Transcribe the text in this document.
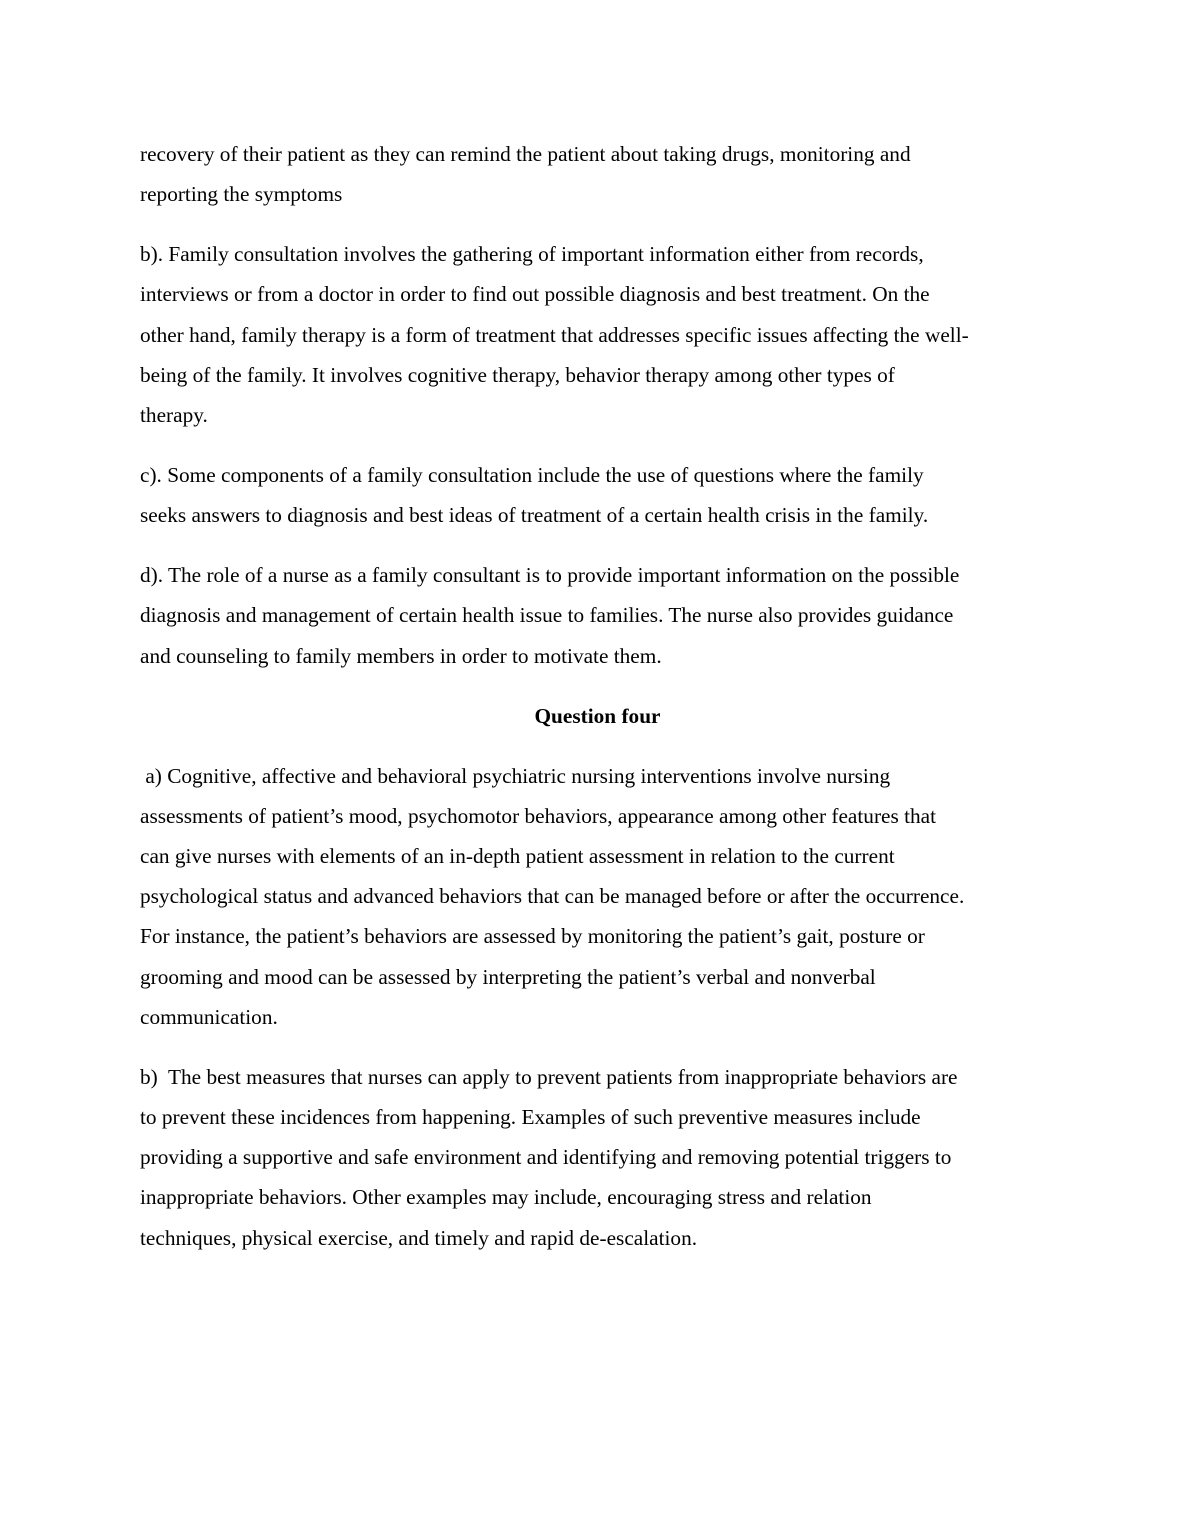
recovery of their patient as they can remind the patient about taking drugs, monitoring and
reporting the symptoms

b). Family consultation involves the gathering of important information either from records,
interviews or from a doctor in order to find out possible diagnosis and best treatment. On the
other hand, family therapy is a form of treatment that addresses specific issues affecting the well-
being of the family. It involves cognitive therapy, behavior therapy among other types of
therapy.

c). Some components of a family consultation include the use of questions where the family
seeks answers to diagnosis and best ideas of treatment of a certain health crisis in the family.

d). The role of a nurse as a family consultant is to provide important information on the possible
diagnosis and management of certain health issue to families. The nurse also provides guidance
and counseling to family members in order to motivate them.

Question four

a) Cognitive, affective and behavioral psychiatric nursing interventions involve nursing
assessments of patient’s mood, psychomotor behaviors, appearance among other features that
can give nurses with elements of an in-depth patient assessment in relation to the current
psychological status and advanced behaviors that can be managed before or after the occurrence.
For instance, the patient’s behaviors are assessed by monitoring the patient’s gait, posture or
grooming and mood can be assessed by interpreting the patient’s verbal and nonverbal
communication.

b)  The best measures that nurses can apply to prevent patients from inappropriate behaviors are
to prevent these incidences from happening. Examples of such preventive measures include
providing a supportive and safe environment and identifying and removing potential triggers to
inappropriate behaviors. Other examples may include, encouraging stress and relation
techniques, physical exercise, and timely and rapid de-escalation.
